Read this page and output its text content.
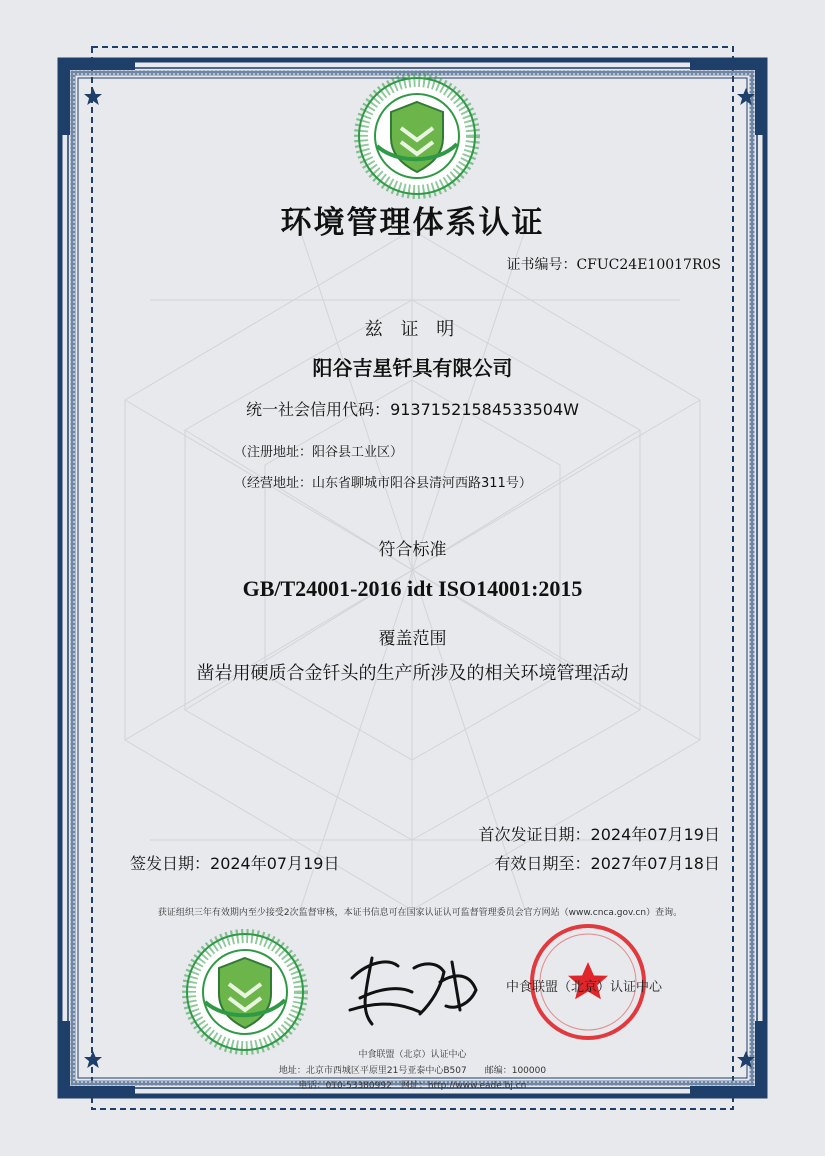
环境管理体系认证
证书编号：CFUC24E10017R0S
兹 证 明
阳谷吉星钎具有限公司
统一社会信用代码：91371521584533504W
（注册地址：阳谷县工业区）
（经营地址：山东省聊城市阳谷县清河西路311号）
符合标准
GB/T24001-2016 idt ISO14001:2015
覆盖范围
凿岩用硬质合金钎头的生产所涉及的相关环境管理活动
首次发证日期：2024年07月19日
有效日期至：2027年07月18日
签发日期：2024年07月19日
获证组织三年有效期内至少接受2次监督审核，本证书信息可在国家认证认可监督管理委员会官方网站（www.cnca.gov.cn）查询。
中食联盟（北京）认证中心
中食联盟（北京）认证中心
地址：北京市西城区平原里21号亚泰中心B507　　邮编：100000
电话：010-53380992　网址：http://www.eade.bj.cn
